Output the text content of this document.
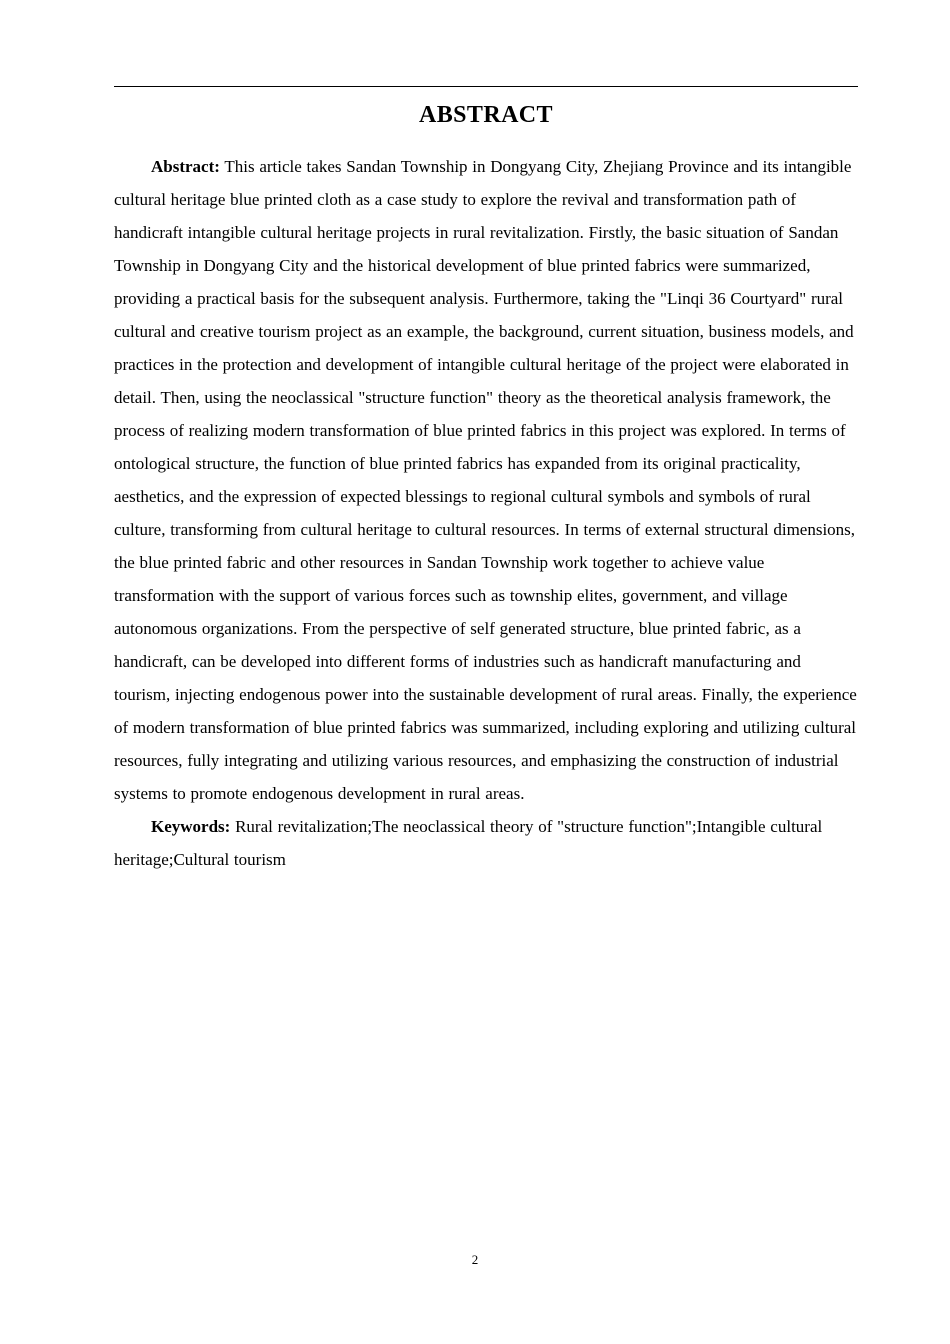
ABSTRACT

Abstract: This article takes Sandan Township in Dongyang City, Zhejiang Province and its intangible cultural heritage blue printed cloth as a case study to explore the revival and transformation path of handicraft intangible cultural heritage projects in rural revitalization. Firstly, the basic situation of Sandan Township in Dongyang City and the historical development of blue printed fabrics were summarized, providing a practical basis for the subsequent analysis. Furthermore, taking the "Linqi 36 Courtyard" rural cultural and creative tourism project as an example, the background, current situation, business models, and practices in the protection and development of intangible cultural heritage of the project were elaborated in detail. Then, using the neoclassical "structure function" theory as the theoretical analysis framework, the process of realizing modern transformation of blue printed fabrics in this project was explored. In terms of ontological structure, the function of blue printed fabrics has expanded from its original practicality, aesthetics, and the expression of expected blessings to regional cultural symbols and symbols of rural culture, transforming from cultural heritage to cultural resources. In terms of external structural dimensions, the blue printed fabric and other resources in Sandan Township work together to achieve value transformation with the support of various forces such as township elites, government, and village autonomous organizations. From the perspective of self generated structure, blue printed fabric, as a handicraft, can be developed into different forms of industries such as handicraft manufacturing and tourism, injecting endogenous power into the sustainable development of rural areas. Finally, the experience of modern transformation of blue printed fabrics was summarized, including exploring and utilizing cultural resources, fully integrating and utilizing various resources, and emphasizing the construction of industrial systems to promote endogenous development in rural areas.

Keywords: Rural revitalization;The neoclassical theory of "structure function";Intangible cultural heritage;Cultural tourism

2
